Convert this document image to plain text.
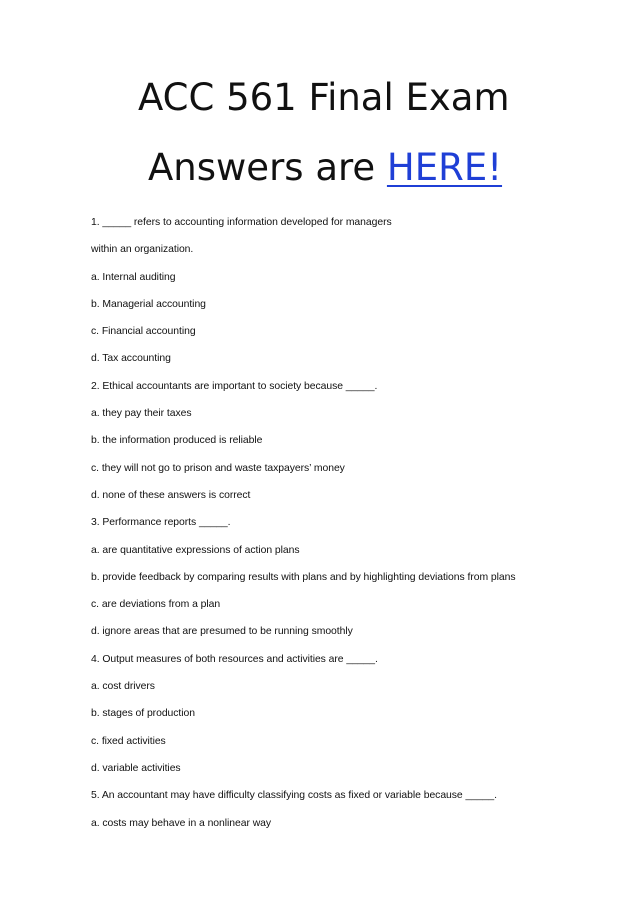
ACC 561 Final Exam
Answers are HERE!
1. _____ refers to accounting information developed for managers
within an organization.
a. Internal auditing
b. Managerial accounting
c. Financial accounting
d. Tax accounting
2. Ethical accountants are important to society because _____.
a. they pay their taxes
b. the information produced is reliable
c. they will not go to prison and waste taxpayers’ money
d. none of these answers is correct
3. Performance reports _____.
a. are quantitative expressions of action plans
b. provide feedback by comparing results with plans and by highlighting deviations from plans
c. are deviations from a plan
d. ignore areas that are presumed to be running smoothly
4. Output measures of both resources and activities are _____.
a. cost drivers
b. stages of production
c. fixed activities
d. variable activities
5. An accountant may have difficulty classifying costs as fixed or variable because _____.
a. costs may behave in a nonlinear way
